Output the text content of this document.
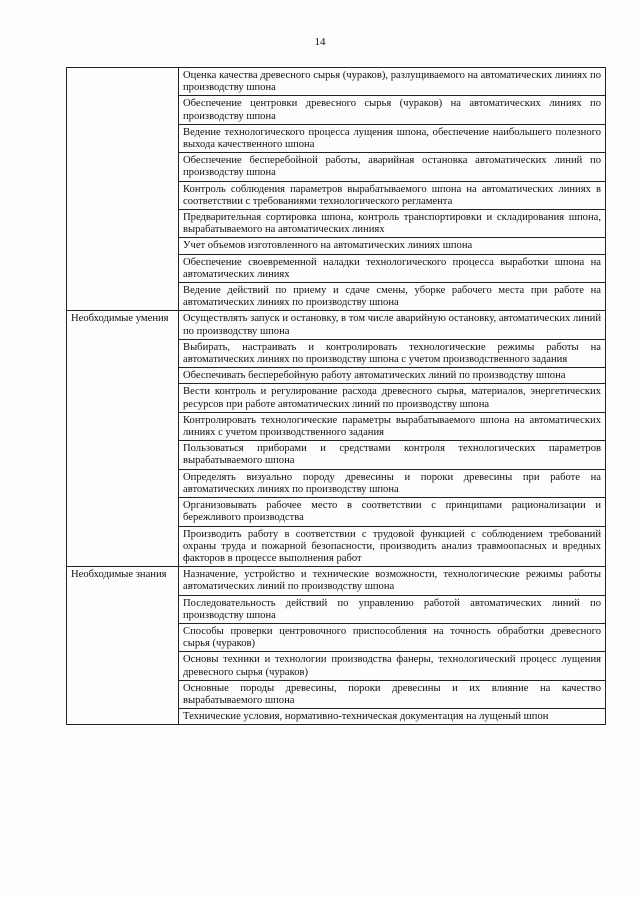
14
	Оценка качества древесного сырья (чураков), разлущиваемого на автоматических линиях по производству шпона
	Обеспечение центровки древесного сырья (чураков) на автоматических линиях по производству шпона
	Ведение технологического процесса лущения шпона, обеспечение наибольшего полезного выхода качественного шпона
	Обеспечение бесперебойной работы, аварийная остановка автоматических линий по производству шпона
	Контроль соблюдения параметров вырабатываемого шпона на автоматических линиях в соответствии с требованиями технологического регламента
	Предварительная сортировка шпона, контроль транспортировки и складирования шпона, вырабатываемого на автоматических линиях
	Учет объемов изготовленного на автоматических линиях шпона
	Обеспечение своевременной наладки технологического процесса выработки шпона на автоматических линиях
	Ведение действий по приему и сдаче смены, уборке рабочего места при работе на автоматических линиях по производству шпона
Необходимые умения	Осуществлять запуск и остановку, в том числе аварийную остановку, автоматических линий по производству шпона
	Выбирать, настраивать и контролировать технологические режимы работы на автоматических линиях по производству шпона с учетом производственного задания
	Обеспечивать бесперебойную работу автоматических линий по производству шпона
	Вести контроль и регулирование расхода древесного сырья, материалов, энергетических ресурсов при работе автоматических линий по производству шпона
	Контролировать технологические параметры вырабатываемого шпона на автоматических линиях с учетом производственного задания
	Пользоваться приборами и средствами контроля технологических параметров вырабатываемого шпона
	Определять визуально породу древесины и пороки древесины при работе на автоматических линиях по производству шпона
	Организовывать рабочее место в соответствии с принципами рационализации и бережливого производства
	Производить работу в соответствии с трудовой функцией с соблюдением требований охраны труда и пожарной безопасности, производить анализ травмоопасных и вредных факторов в процессе выполнения работ
Необходимые знания	Назначение, устройство и технические возможности, технологические режимы работы автоматических линий по производству шпона
	Последовательность действий по управлению работой автоматических линий по производству шпона
	Способы проверки центровочного приспособления на точность обработки древесного сырья (чураков)
	Основы техники и технологии производства фанеры, технологический процесс лущения древесного сырья (чураков)
	Основные породы древесины, пороки древесины и их влияние на качество вырабатываемого шпона
	Технические условия, нормативно-техническая документация на лущеный шпон
